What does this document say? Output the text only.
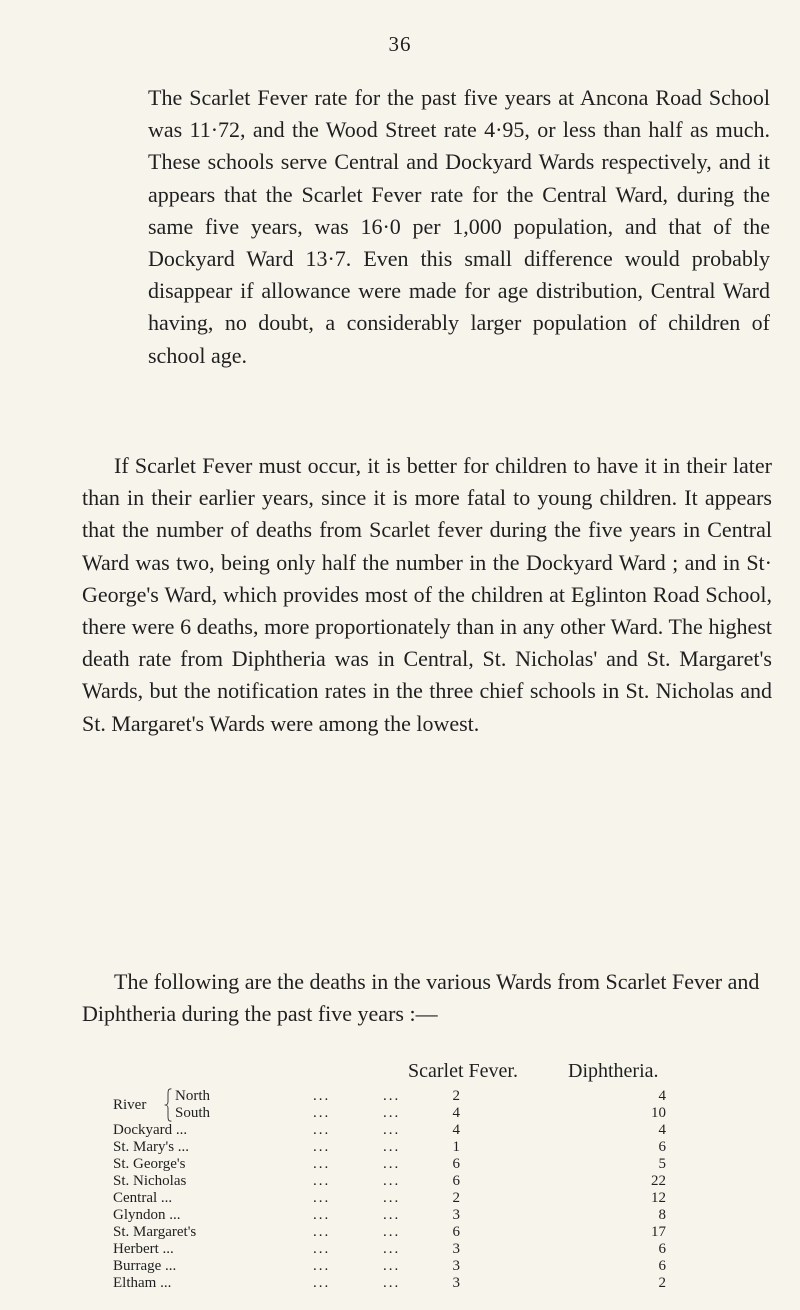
36
The Scarlet Fever rate for the past five years at Ancona Road School was 11·72, and the Wood Street rate 4·95, or less than half as much. These schools serve Central and Dockyard Wards respectively, and it appears that the Scarlet Fever rate for the Central Ward, during the same five years, was 16·0 per 1,000 population, and that of the Dockyard Ward 13·7. Even this small difference would probably disappear if allowance were made for age distribution, Central Ward having, no doubt, a considerably larger population of children of school age.
If Scarlet Fever must occur, it is better for children to have it in their later than in their earlier years, since it is more fatal to young children. It appears that the number of deaths from Scarlet fever during the five years in Central Ward was two, being only half the number in the Dockyard Ward ; and in St· George's Ward, which provides most of the children at Eglinton Road School, there were 6 deaths, more proportionately than in any other Ward. The highest death rate from Diphtheria was in Central, St. Nicholas' and St. Margaret's Wards, but the notification rates in the three chief schools in St. Nicholas and St. Margaret's Wards were among the lowest.
The following are the deaths in the various Wards from Scarlet Fever and Diphtheria during the past five years :—
Scarlet Fever.	Diphtheria.
River
North	...	...	2	4
South	...	...	4	10
Dockyard ...	...	...	4	4
St. Mary's ...	...	...	1	6
St. George's	...	...	6	5
St. Nicholas	...	...	6	22
Central ...	...	...	2	12
Glyndon ...	...	...	3	8
St. Margaret's	...	...	6	17
Herbert ...	...	...	3	6
Burrage ...	...	...	3	6
Eltham ...	...	...	3	2
